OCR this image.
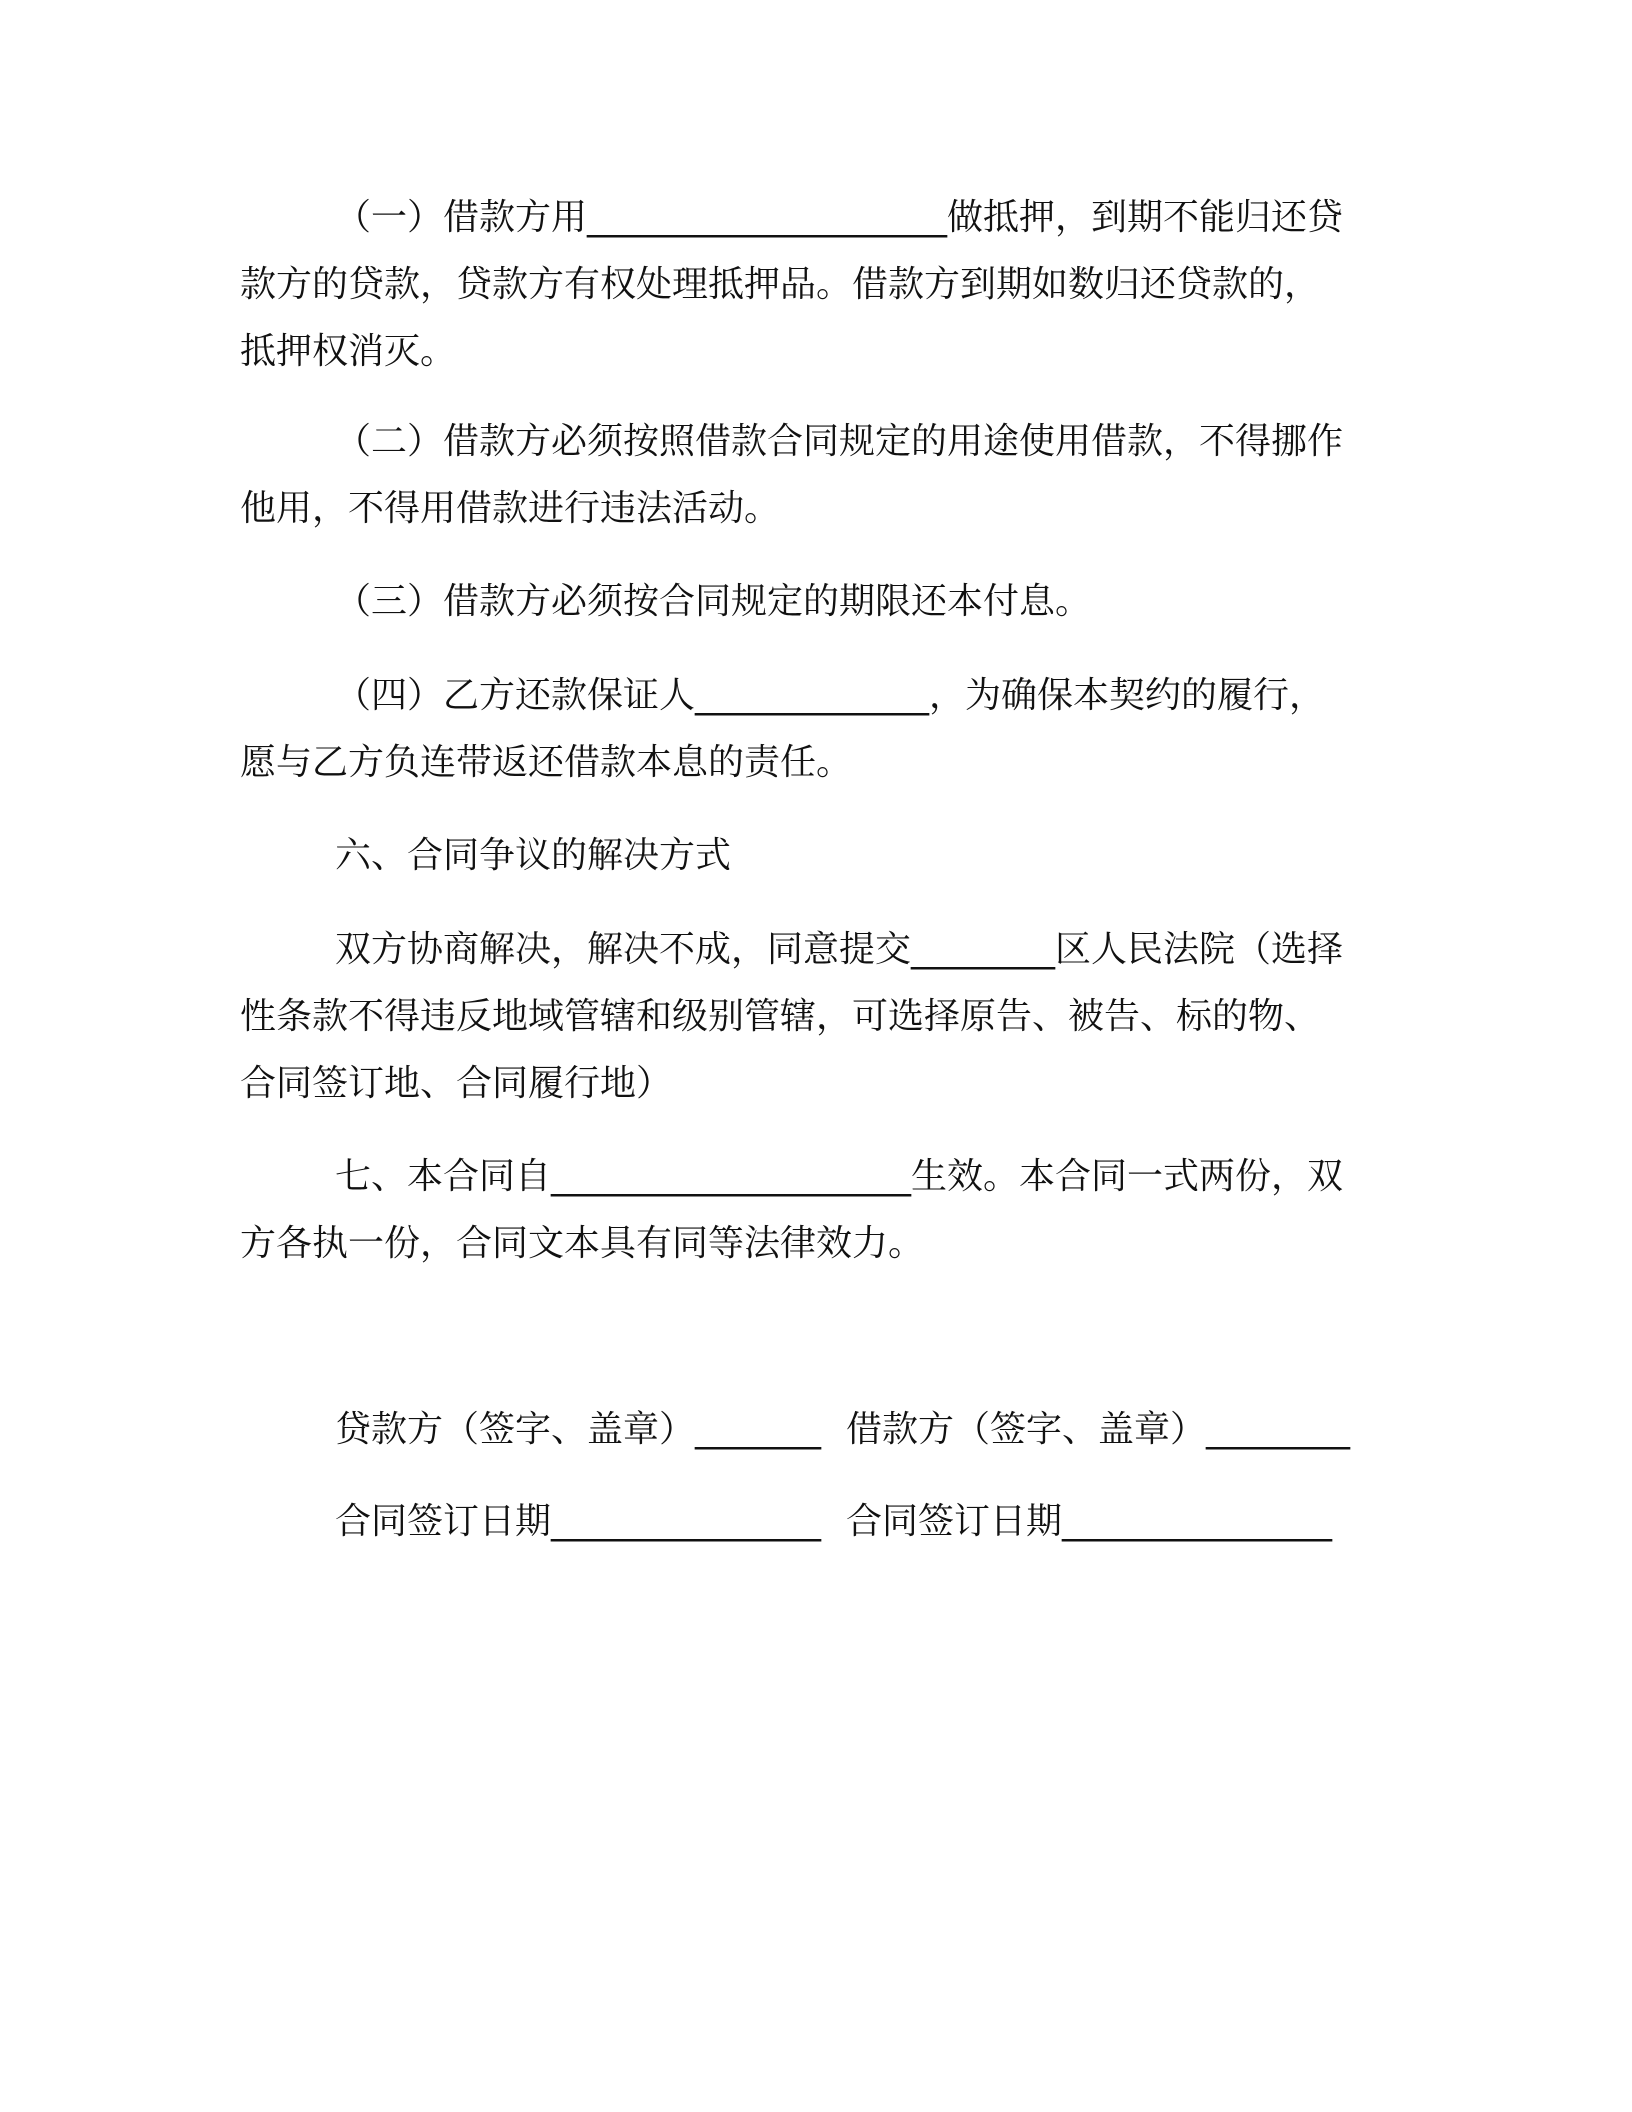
（一）借款方用____________________做抵押，到期不能归还贷
款方的贷款，贷款方有权处理抵押品。借款方到期如数归还贷款的，
抵押权消灭。
（二）借款方必须按照借款合同规定的用途使用借款，不得挪作
他用，不得用借款进行违法活动。
（三）借款方必须按合同规定的期限还本付息。
（四）乙方还款保证人_____________，为确保本契约的履行，
愿与乙方负连带返还借款本息的责任。
六、合同争议的解决方式
双方协商解决，解决不成，同意提交________区人民法院（选择
性条款不得违反地域管辖和级别管辖，可选择原告、被告、标的物、
合同签订地、合同履行地）
七、本合同自____________________生效。本合同一式两份，双
方各执一份，合同文本具有同等法律效力。
贷款方（签字、盖章）_______ 借款方（签字、盖章）________
合同签订日期_______________ 合同签订日期_______________
